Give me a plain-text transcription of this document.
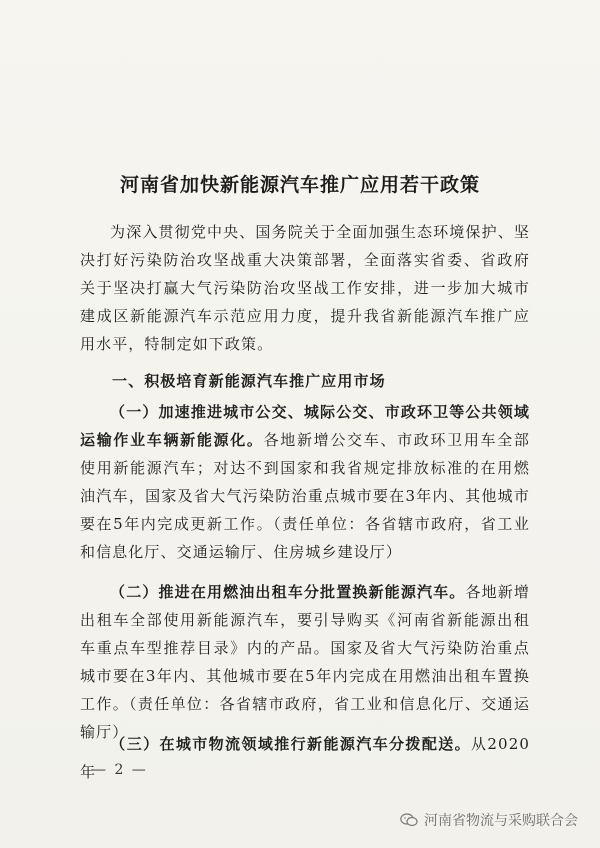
河南省加快新能源汽车推广应用若干政策

为深入贯彻党中央、国务院关于全面加强生态环境保护、坚决打好污染防治攻坚战重大决策部署，全面落实省委、省政府关于坚决打赢大气污染防治攻坚战工作安排，进一步加大城市建成区新能源汽车示范应用力度，提升我省新能源汽车推广应用水平，特制定如下政策。

一、积极培育新能源汽车推广应用市场

（一）加速推进城市公交、城际公交、市政环卫等公共领域运输作业车辆新能源化。各地新增公交车、市政环卫用车全部使用新能源汽车；对达不到国家和我省规定排放标准的在用燃油汽车，国家及省大气污染防治重点城市要在3年内、其他城市要在5年内完成更新工作。（责任单位：各省辖市政府，省工业和信息化厅、交通运输厅、住房城乡建设厅）

（二）推进在用燃油出租车分批置换新能源汽车。各地新增出租车全部使用新能源汽车，要引导购买《河南省新能源出租车重点车型推荐目录》内的产品。国家及省大气污染防治重点城市要在3年内、其他城市要在5年内完成在用燃油出租车置换工作。（责任单位：各省辖市政府，省工业和信息化厅、交通运输厅）

（三）在城市物流领域推行新能源汽车分拨配送。从2020年

— 2 —
河南省物流与采购联合会
